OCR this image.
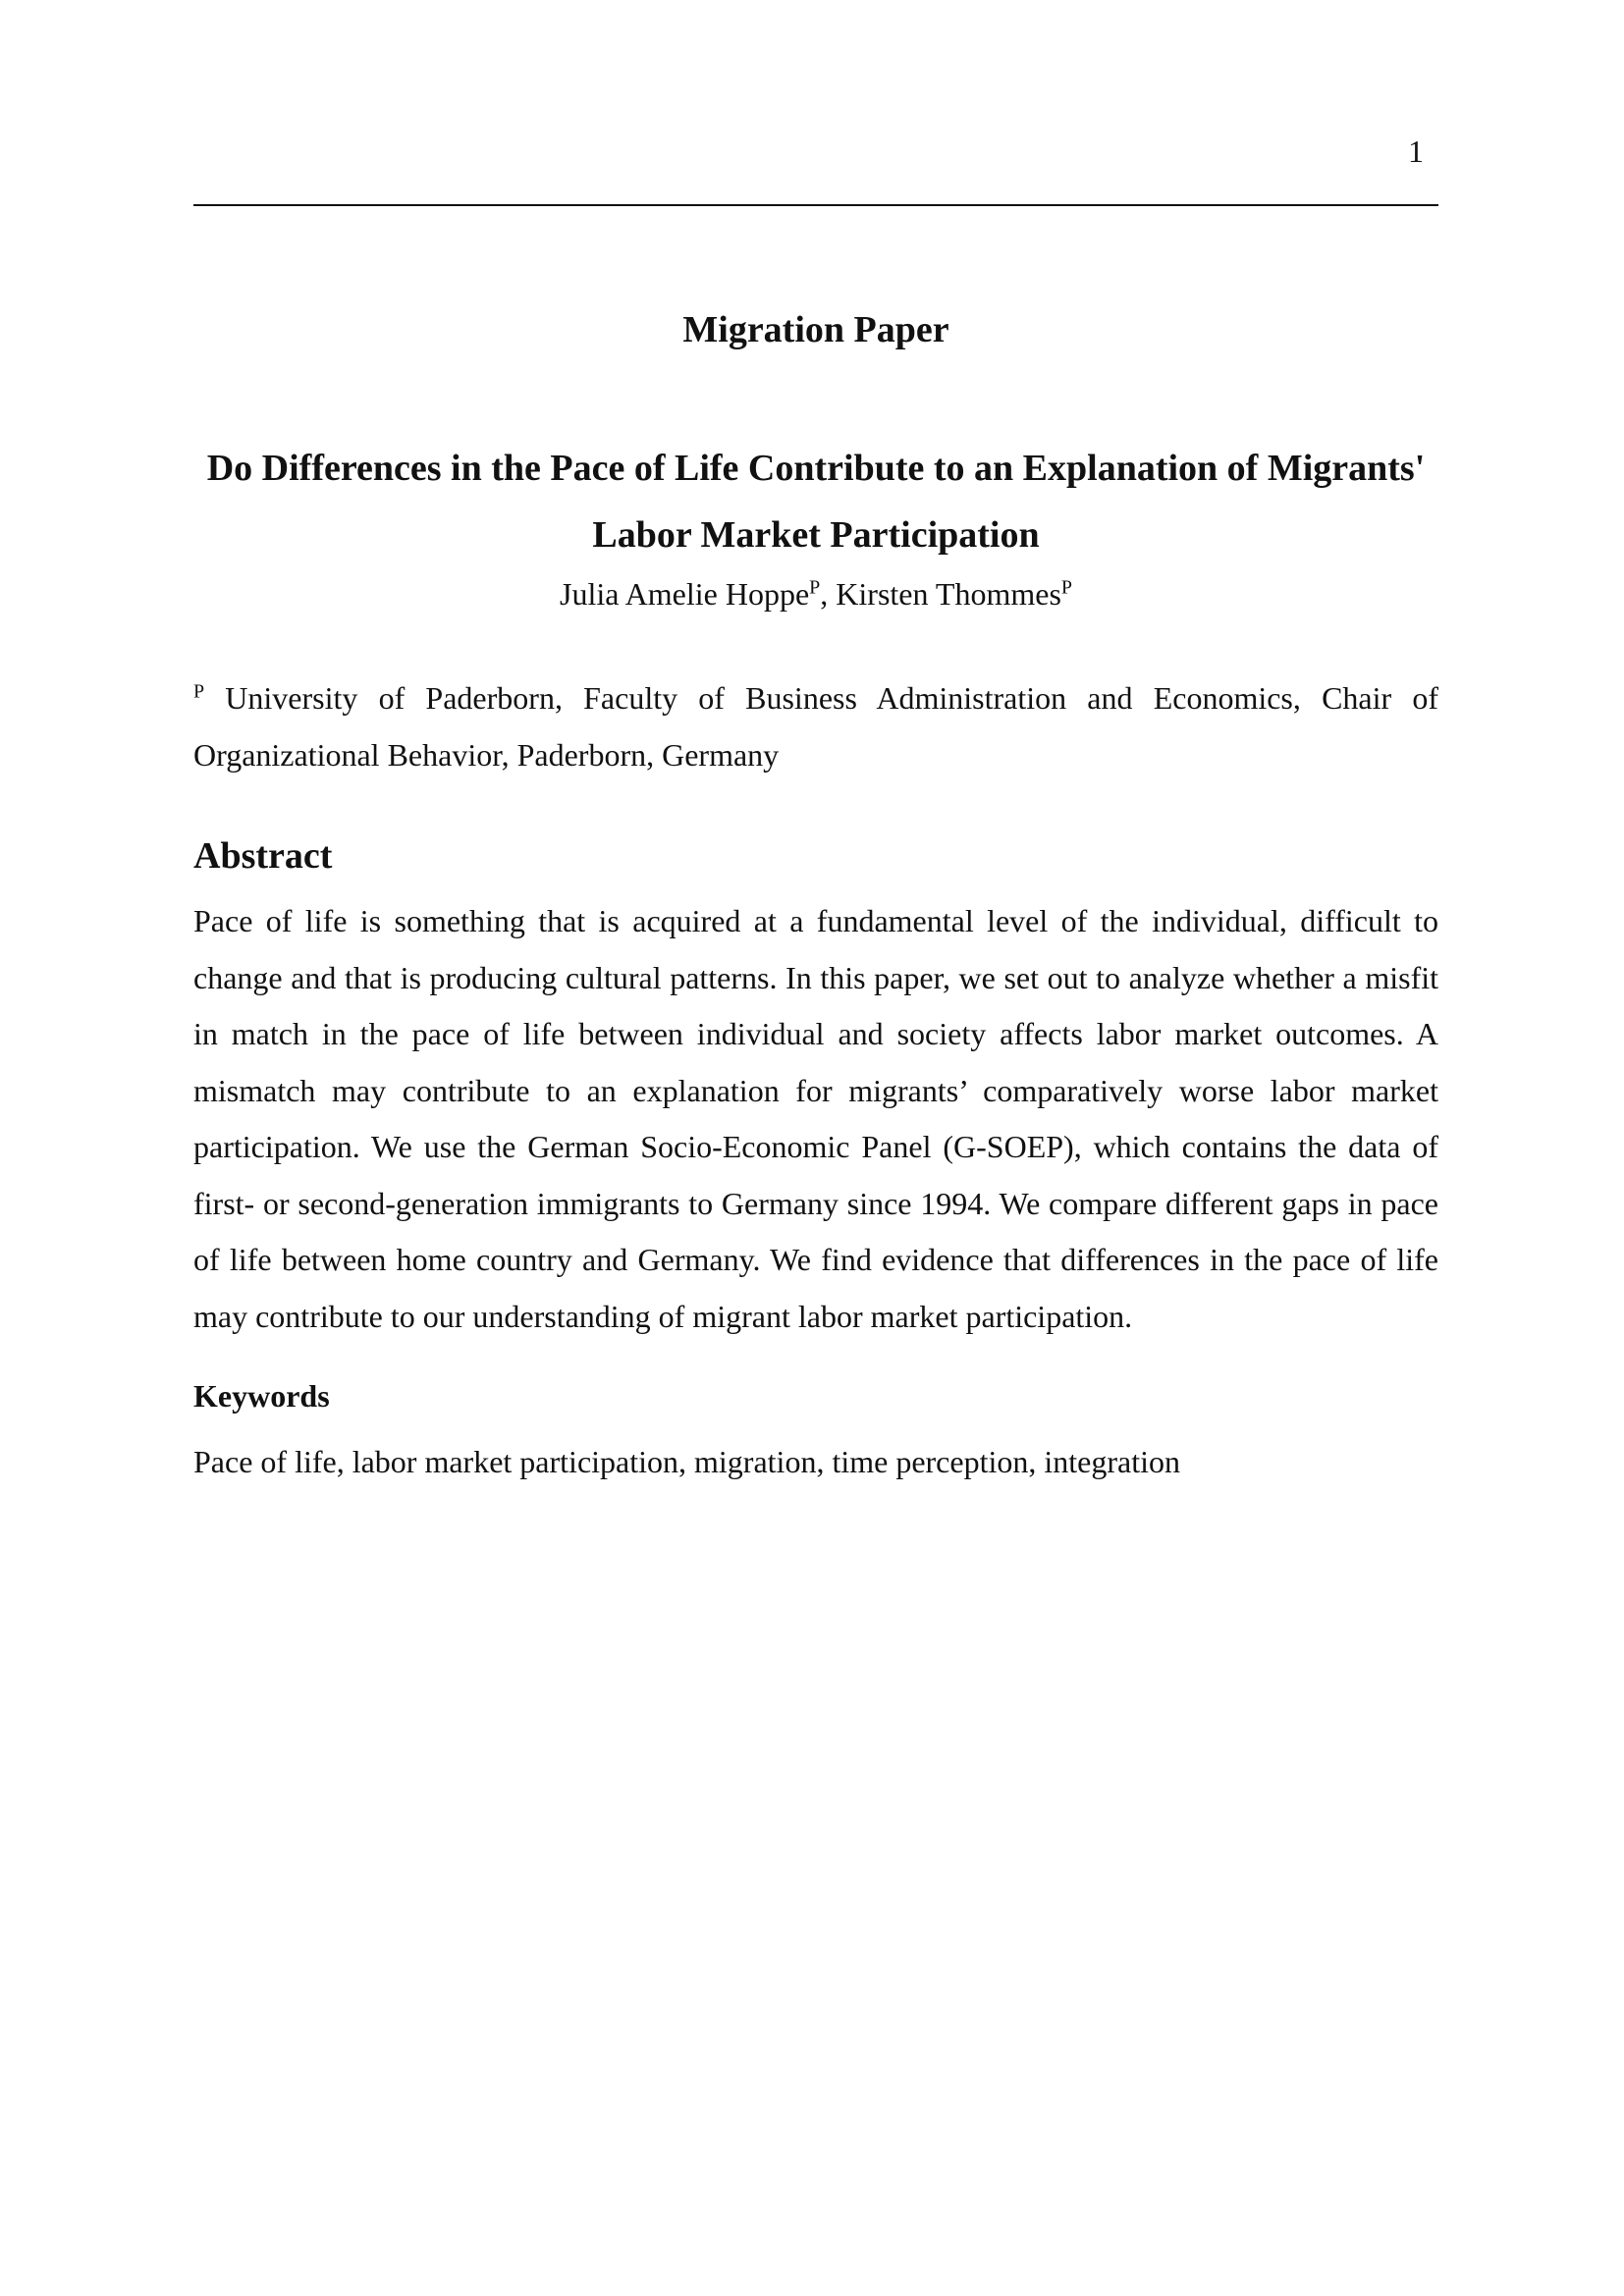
1
Migration Paper
Do Differences in the Pace of Life Contribute to an Explanation of Migrants' Labor Market Participation
Julia Amelie Hoppe$^P$, Kirsten Thommes$^P$

$^P$ University of Paderborn, Faculty of Business Administration and Economics, Chair of Organizational Behavior, Paderborn, Germany

Abstract

Pace of life is something that is acquired at a fundamental level of the individual, difficult to change and that is producing cultural patterns. In this paper, we set out to analyze whether a misfit in match in the pace of life between individual and society affects labor market outcomes. A mismatch may contribute to an explanation for migrants’ comparatively worse labor market participation. We use the German Socio-Economic Panel (G-SOEP), which contains the data of first- or second-generation immigrants to Germany since 1994. We compare different gaps in pace of life between home country and Germany. We find evidence that differences in the pace of life may contribute to our understanding of migrant labor market participation.

Keywords

Pace of life, labor market participation, migration, time perception, integration
